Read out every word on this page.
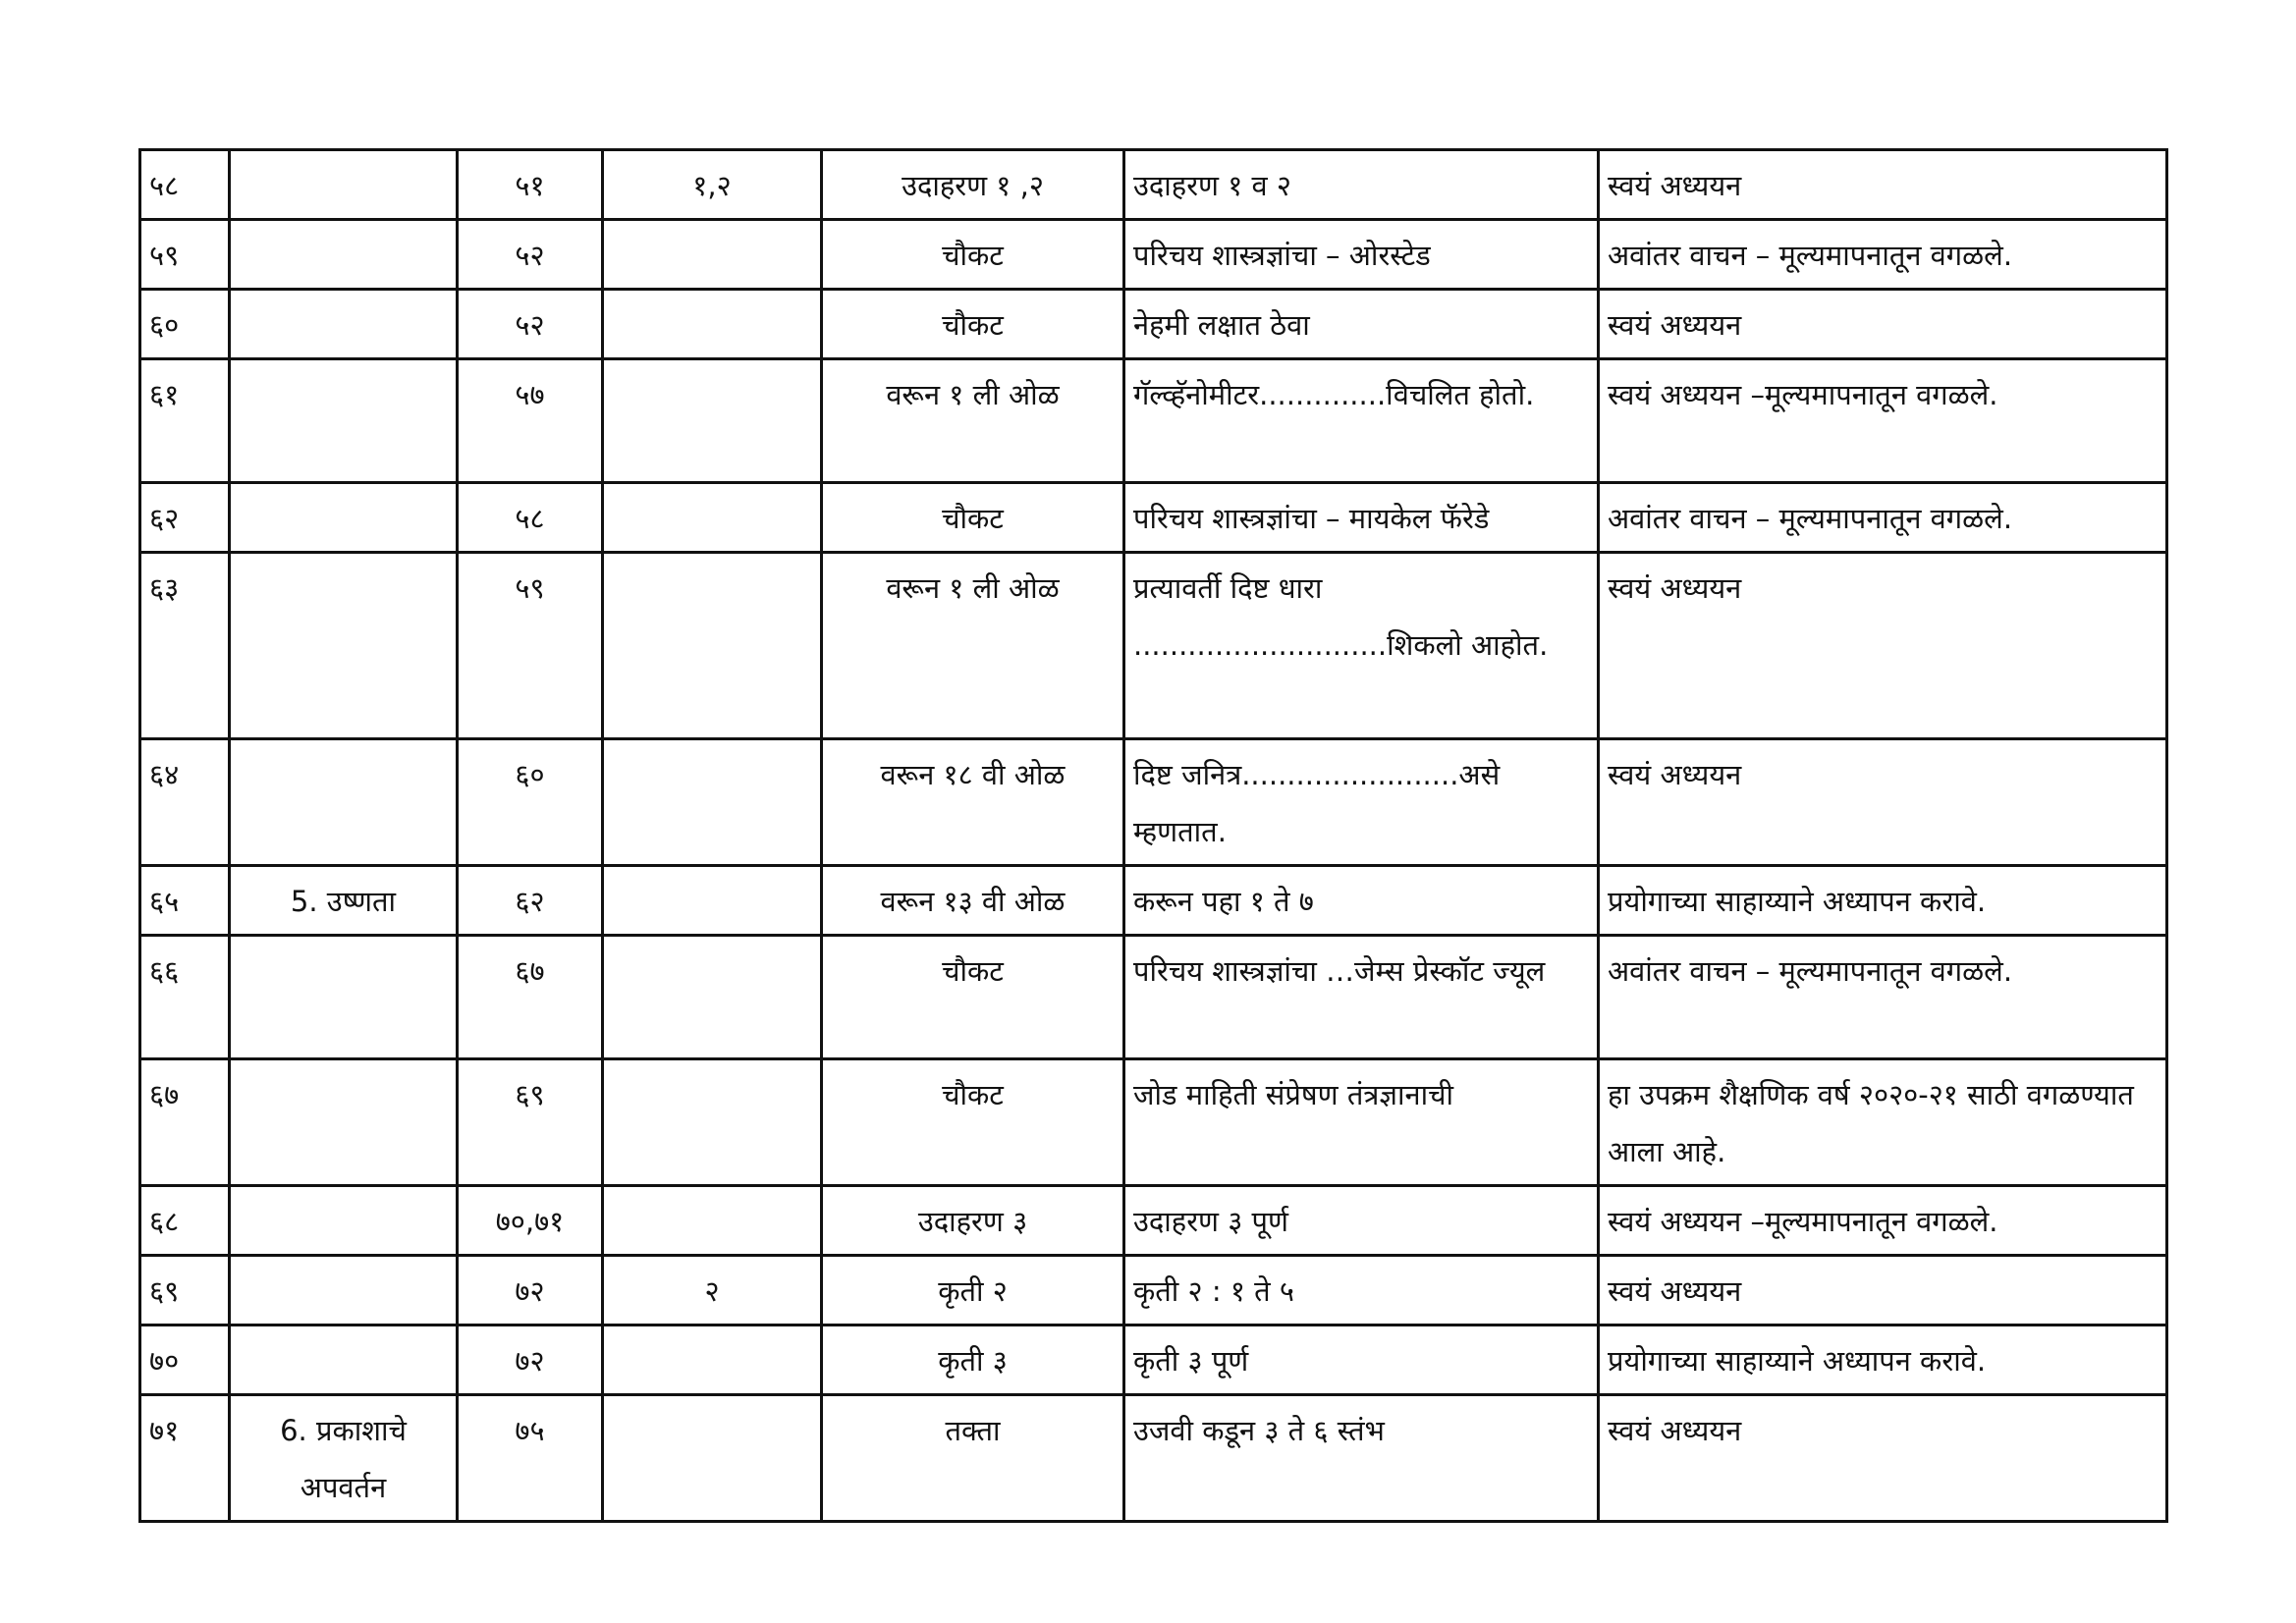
५८		५१	१,२	उदाहरण १ ,२	उदाहरण १ व २	स्वयं अध्ययन
५९		५२		चौकट	परिचय शास्त्रज्ञांचा – ओरस्टेड	अवांतर वाचन – मूल्यमापनातून वगळले.
६०		५२		चौकट	नेहमी लक्षात ठेवा	स्वयं अध्ययन
६१		५७		वरून १ ली ओळ	गॅल्व्हॅनोमीटर..............विचलित होतो.	स्वयं अध्ययन –मूल्यमापनातून वगळले.
६२		५८		चौकट	परिचय शास्त्रज्ञांचा – मायकेल फॅरेडे	अवांतर वाचन – मूल्यमापनातून वगळले.
६३		५९		वरून १ ली ओळ	प्रत्यावर्ती दिष्ट धारा ............................शिकलो आहोत.	स्वयं अध्ययन
६४		६०		वरून १८ वी ओळ	दिष्ट जनित्र........................असे म्हणतात.	स्वयं अध्ययन
६५	5. उष्णता	६२		वरून १३ वी ओळ	करून पहा १ ते ७	प्रयोगाच्या साहाय्याने अध्यापन करावे.
६६		६७		चौकट	परिचय शास्त्रज्ञांचा …जेम्स प्रेस्कॉट ज्यूल	अवांतर वाचन – मूल्यमापनातून वगळले.
६७		६९		चौकट	जोड माहिती संप्रेषण तंत्रज्ञानाची	हा उपक्रम शैक्षणिक वर्ष २०२०-२१ साठी वगळण्यात आला आहे.
६८		७०,७१		उदाहरण ३	उदाहरण ३ पूर्ण	स्वयं अध्ययन –मूल्यमापनातून वगळले.
६९		७२	२	कृती २	कृती २ : १ ते ५	स्वयं अध्ययन
७०		७२		कृती ३	कृती ३ पूर्ण	प्रयोगाच्या साहाय्याने अध्यापन करावे.
७१	6. प्रकाशाचे अपवर्तन	७५		तक्ता	उजवी कडून ३ ते ६ स्तंभ	स्वयं अध्ययन
